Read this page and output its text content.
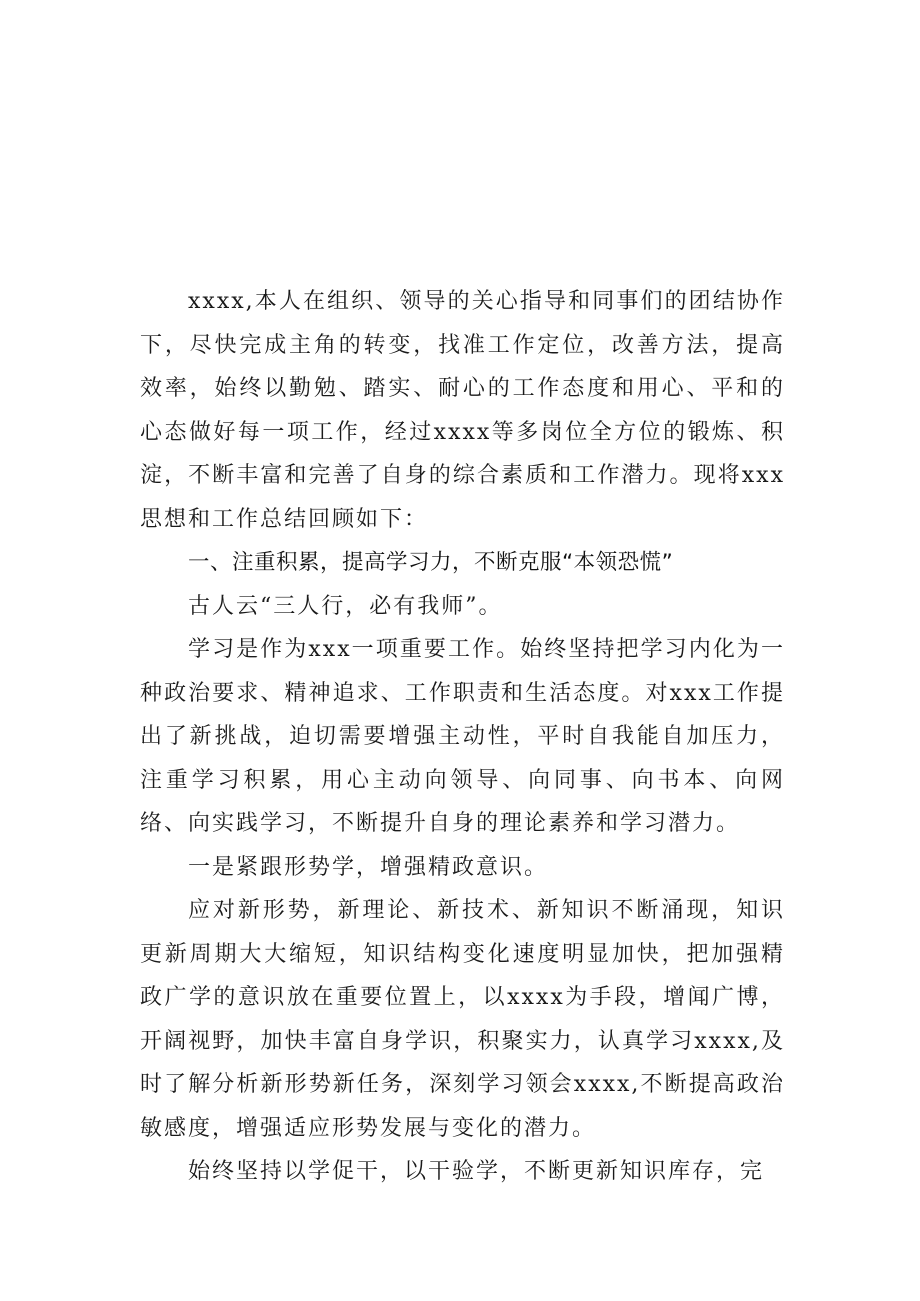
xxxx,本人在组织、领导的关心指导和同事们的团结协作下，尽快完成主角的转变，找准工作定位，改善方法，提高效率，始终以勤勉、踏实、耐心的工作态度和用心、平和的心态做好每一项工作，经过xxxx等多岗位全方位的锻炼、积淀，不断丰富和完善了自身的综合素质和工作潜力。现将xxx思想和工作总结回顾如下：

一、注重积累，提高学习力，不断克服“本领恐慌”

古人云“三人行，必有我师”。

学习是作为xxx一项重要工作。始终坚持把学习内化为一种政治要求、精神追求、工作职责和生活态度。对xxx工作提出了新挑战，迫切需要增强主动性，平时自我能自加压力，注重学习积累，用心主动向领导、向同事、向书本、向网络、向实践学习，不断提升自身的理论素养和学习潜力。

一是紧跟形势学，增强精政意识。

应对新形势，新理论、新技术、新知识不断涌现，知识更新周期大大缩短，知识结构变化速度明显加快，把加强精政广学的意识放在重要位置上，以xxxx为手段，增闻广博，开阔视野，加快丰富自身学识，积聚实力，认真学习xxxx,及时了解分析新形势新任务，深刻学习领会xxxx,不断提高政治敏感度，增强适应形势发展与变化的潜力。

始终坚持以学促干，以干验学，不断更新知识库存，完
